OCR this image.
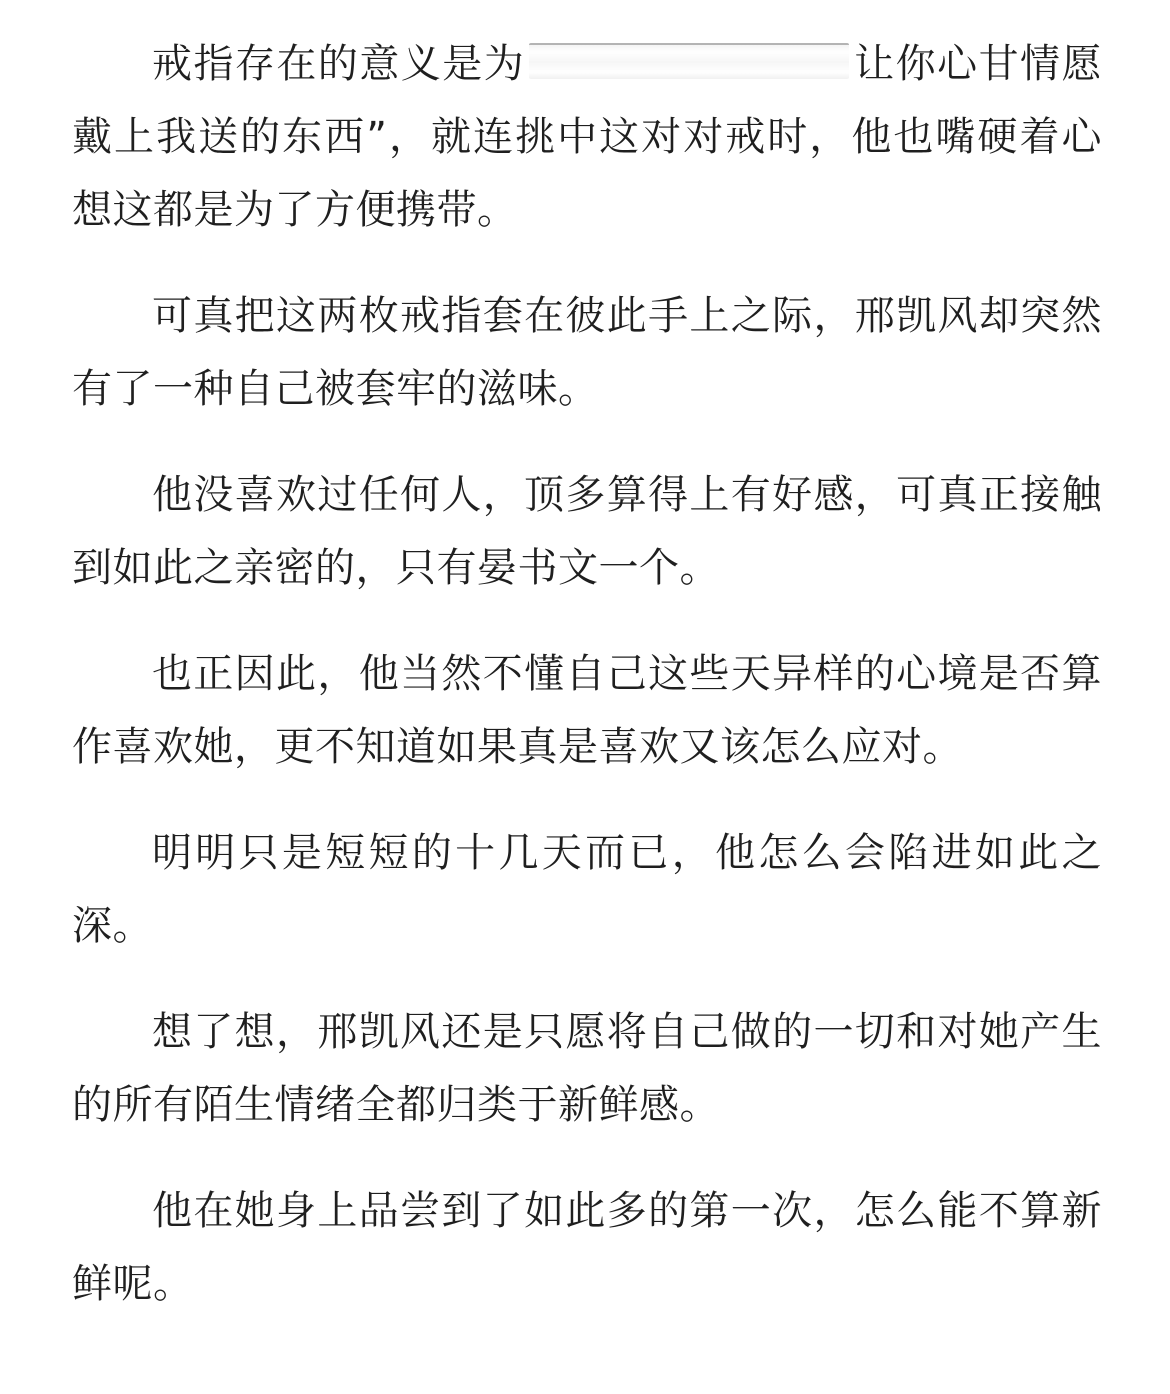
戒指存在的意义是为	让你心甘情愿戴上我送的东西”，就连挑中这对对戒时，他也嘴硬着心想这都是为了方便携带。

可真把这两枚戒指套在彼此手上之际，邢凯风却突然有了一种自己被套牢的滋味。

他没喜欢过任何人，顶多算得上有好感，可真正接触到如此之亲密的，只有晏书文一个。

也正因此，他当然不懂自己这些天异样的心境是否算作喜欢她，更不知道如果真是喜欢又该怎么应对。

明明只是短短的十几天而已，他怎么会陷进如此之深。

想了想，邢凯风还是只愿将自己做的一切和对她产生的所有陌生情绪全都归类于新鲜感。

他在她身上品尝到了如此多的第一次，怎么能不算新鲜呢。
